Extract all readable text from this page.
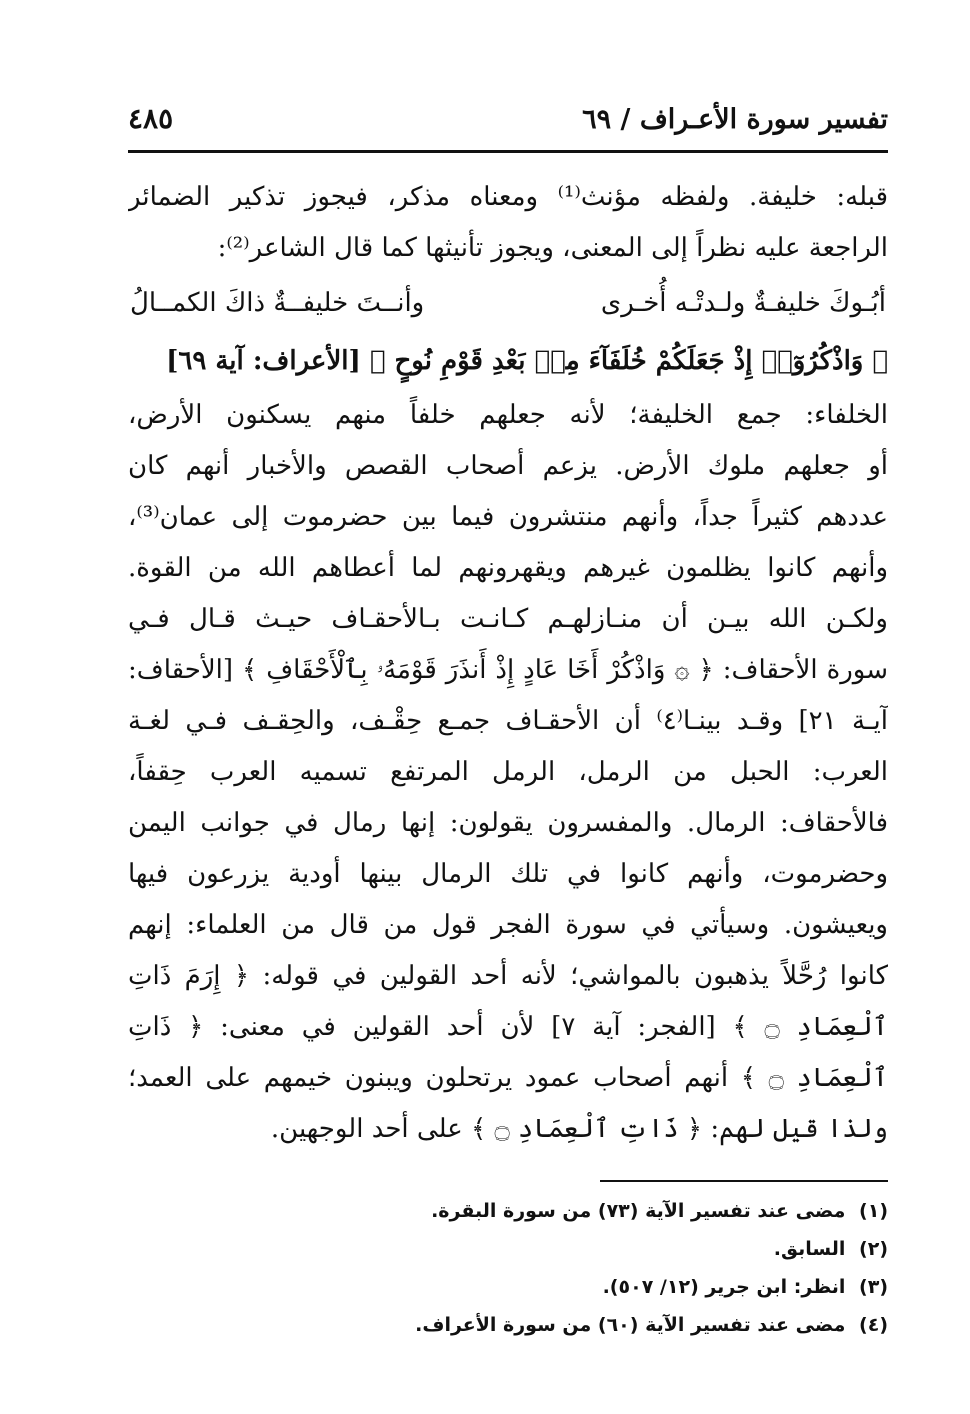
تفسير سورة الأعـراف / ٦٩
٤٨٥
قبله: خليفة. ولفظه مؤنث⁽¹⁾ ومعناه مذكر، فيجوز تذكير الضمائر
الراجعة عليه نظراً إلى المعنى، ويجوز تأنيثها كما قال الشاعر⁽²⁾:
أبُـوكَ خليفـةٌ ولـدتْـه أُخـرى
وأنــتَ خليفــةٌ ذاكَ الكمــالُ
﴿ وَاذْكُرُوٓا۟ إِذْ جَعَلَكُمْ خُلَفَآءَ مِنۢ بَعْدِ قَوْمِ نُوحٍ ﴾ [الأعراف: آية ٦٩]
الخلفاء: جمع الخليفة؛ لأنه جعلهم خلفاً منهم يسكنون الأرض،
أو جعلهم ملوك الأرض. يزعم أصحاب القصص والأخبار أنهم كان
عددهم كثيراً جداً، وأنهم منتشرون فيما بين حضرموت إلى عمان⁽³⁾،
وأنهم كانوا يظلمون غيرهم ويقهرونهم لما أعطاهم الله من القوة.
ولكـن الله بيـن أن منـازلهـم كـانـت بـالأحقـاف حيـث قـال فـي
سورة الأحقاف: ﴿ ۞ وَاذْكُرْ أَخَا عَادٍ إِذْ أَنذَرَ قَوْمَهُۥ بِٱلْأَحْقَافِ ﴾ [الأحقاف:
آيـة ٢١] وقـد بينـا⁽٤⁾ أن الأحقـاف جمـع حِقْـف، والحِقـف فـي لغـة
العرب: الحبل من الرمل، الرمل المرتفع تسميه العرب حِقفاً،
فالأحقاف: الرمال. والمفسرون يقولون: إنها رمال في جوانب اليمن
وحضرموت، وأنهم كانوا في تلك الرمال بينها أودية يزرعون فيها
ويعيشون. وسيأتي في سورة الفجر قول من قال من العلماء: إنهم
كانوا رُحَّلاً يذهبون بالمواشي؛ لأنه أحد القولين في قوله: ﴿ إِرَمَ ذَاتِ
ٱلْعِمَادِ ۝ ﴾ [الفجر: آية ٧] لأن أحد القولين في معنى: ﴿ ذَاتِ
ٱلْعِمَادِ ۝ ﴾ أنهم أصحاب عمود يرتحلون ويبنون خيمهم على العمد؛
ولذا قيل لهم: ﴿ ذَاتِ ٱلْعِمَادِ ۝ ﴾ على أحد الوجهين.
(١) مضى عند تفسير الآية (٧٣) من سورة البقرة.
(٢) السابق.
(٣) انظر: ابن جرير (١٢/ ٥٠٧).
(٤) مضى عند تفسير الآية (٦٠) من سورة الأعراف.
